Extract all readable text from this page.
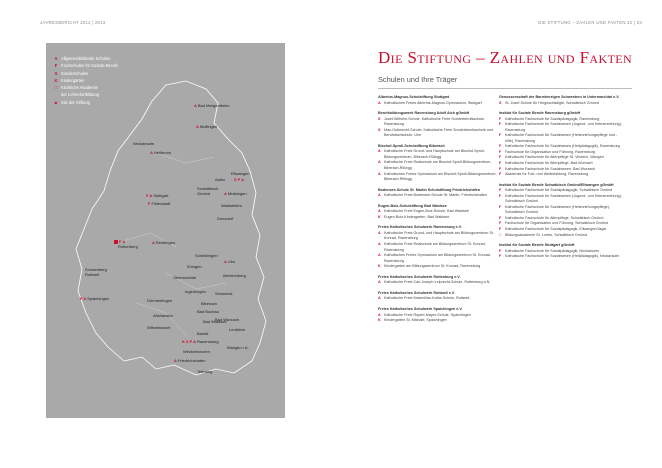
JAHRESBERICHT 2012 | 2013	DIE STIFTUNG – ZAHLEN UND FAKTEN 22 | 23
A Allgemeinbildende Schulen
F Fachschulen für Soziale Berufe
S Sonderschulen
K Kindergärten
□ Kirchliche Akademie
der Lehrerfortbildung
■ Sitz der Stiftung
ABad Mergentheim
AMulfingen
Neckarsulm
AHeilbronn
Ellwangen
Aalen S F A
Schwäbisch
Gmünd	AMutlangen
F AStuttgart
FFilderstadt	Waldstetten
Donzdorf
F A
Rottenburg
AReutlingen
Schelklingen
Ehingen
AUlm
Schramberg
Rottweil
Obermachtal
Ingerkingen
Biberach
Schwendi
Dürmentingen
F ASpaichingen
Bad Buchau
Bad Wurzach
Wilhelmsdorf
Baindt
Leutkirch
K S F ARavensburg
Weckenbeuren
Wangen i.A.
AFriedrichshafen
Bad Waldsee
Tettnang
Altshausen
Illerkirchberg
Die Stiftung – Zahlen und Fakten
Schulen und Ihre Träger
Albertus-Magnus-Schulstiftung Stuttgart
A Katholisches Freies Albertus-Magnus-Gymnasium, Stuttgart
Berufsbildungswerk Ravensburg Adolf Aich gGmbH
S Josef-Wilhelm-Schule, Katholische Freie Sonderberufsschule, Ravensburg
S Max-Gutknecht-Schule, Katholische Freie Sonderberufsschule und Berufsfachschule, Ulm
Bischof-Sproll-Schulstiftung Biberach
A Katholische Freie Grund- und Hauptschule am Bischof-Sproll-Bildungszentrum, Biberach-Rißegg
A Katholische Freie Realschule am Bischof-Sproll-Bildungszentrum, Biberach-Rißegg
A Katholisches Freies Gymnasium am Bischof-Sproll-Bildungszentrum, Biberach-Rißegg
Bodensee-Schule St. Martin Schulstiftung Friedrichshafen
A Katholische Freie Bodensee-Schule St. Martin, Friedrichshafen
Eugen-Bolz-Schulstiftung Bad Waldsee
A Katholische Freie Eugen-Bolz-Schule, Bad Waldsee
K Eugen-Bolz-Kindergarten, Bad Waldsee
Freies Katholisches Schulwerk Ravensburg e.V.
A Katholische Freie Grund- und Hauptschule am Bildungszentrum St. Konrad, Ravensburg
A Katholische Freie Realschule am Bildungszentrum St. Konrad, Ravensburg
A Katholisches Freies Gymnasium am Bildungszentrum St. Konrad, Ravensburg
K Kindergarten am Bildungszentrum St. Konrad, Ravensburg
Freies Katholisches Schulwerk Rottenburg e.V.
A Katholische Freie Carl-Joseph-Leiprecht-Schule, Rottenburg a.N.
Freies Katholisches Schulwerk Rottweil e.V.
A Katholische Freie Maximilian-Kolbe-Schule, Rottweil
Freies Katholisches Schulwerk Spaichingen e.V.
A Katholische Freie Rupert-Mayer-Schule, Spaichingen
K Kindergarten St. Michael, Spaichingen
Genossenschaft der Barmherzigen Schwestern in Untermarchtal e.V.
S St. Josef-Schule für Hörgeschädigte, Schwäbisch Gmünd
Institut für Soziale Berufe Ravensburg gGmbH
F	Katholische Fachschule für Sozialpädagogik, Ravensburg
F	Katholische Fachschule für Sozialwesen (Jugend- und Heimerziehung), Ravensburg
F	Katholische Fachschule für Sozialwesen (Heilerziehungspflege und -hilfe), Ravensburg
F	Katholische Fachschule für Sozialwesen (Heilpädagogik), Ravensburg
F	Fachschule für Organisation und Führung, Ravensburg
F	Katholische Fachschule für Altenpflege St. Vinzenz, Wangen
F	Katholische Fachschule für Altenpflege, Bad Wurzach
F	Katholische Fachschule für Sozialwesen, Bad Wurzach
F	Akademie für Fort- und Weiterbildung, Ravensburg
Institut für Soziale Berufe Schwäbisch Gmünd/Ellwangen gGmbH
F	Katholische Fachschule für Sozialpädagogik, Schwäbisch Gmünd
F	Katholische Fachschule für Sozialwesen (Jugend- und Heimerziehung), Schwäbisch Gmünd
F	Katholische Fachschule für Sozialwesen (Heilerziehungspflege), Schwäbisch Gmünd
F	Katholische Fachschule für Altenpflege, Schwäbisch Gmünd
F	Fachschule für Organisation und Führung, Schwäbisch Gmünd
F	Katholische Fachschule für Sozialpädagogik, Ellwangen/Jagst
□	Bildungsakademie St. Loreto, Schwäbisch Gmünd
Institut für Soziale Berufe Stuttgart gGmbH
F	Katholische Fachschule für Sozialpädagogik, Neckarsulm
F	Katholische Fachschule für Sozialwesen (Heilpädagogik), Neckarsulm
